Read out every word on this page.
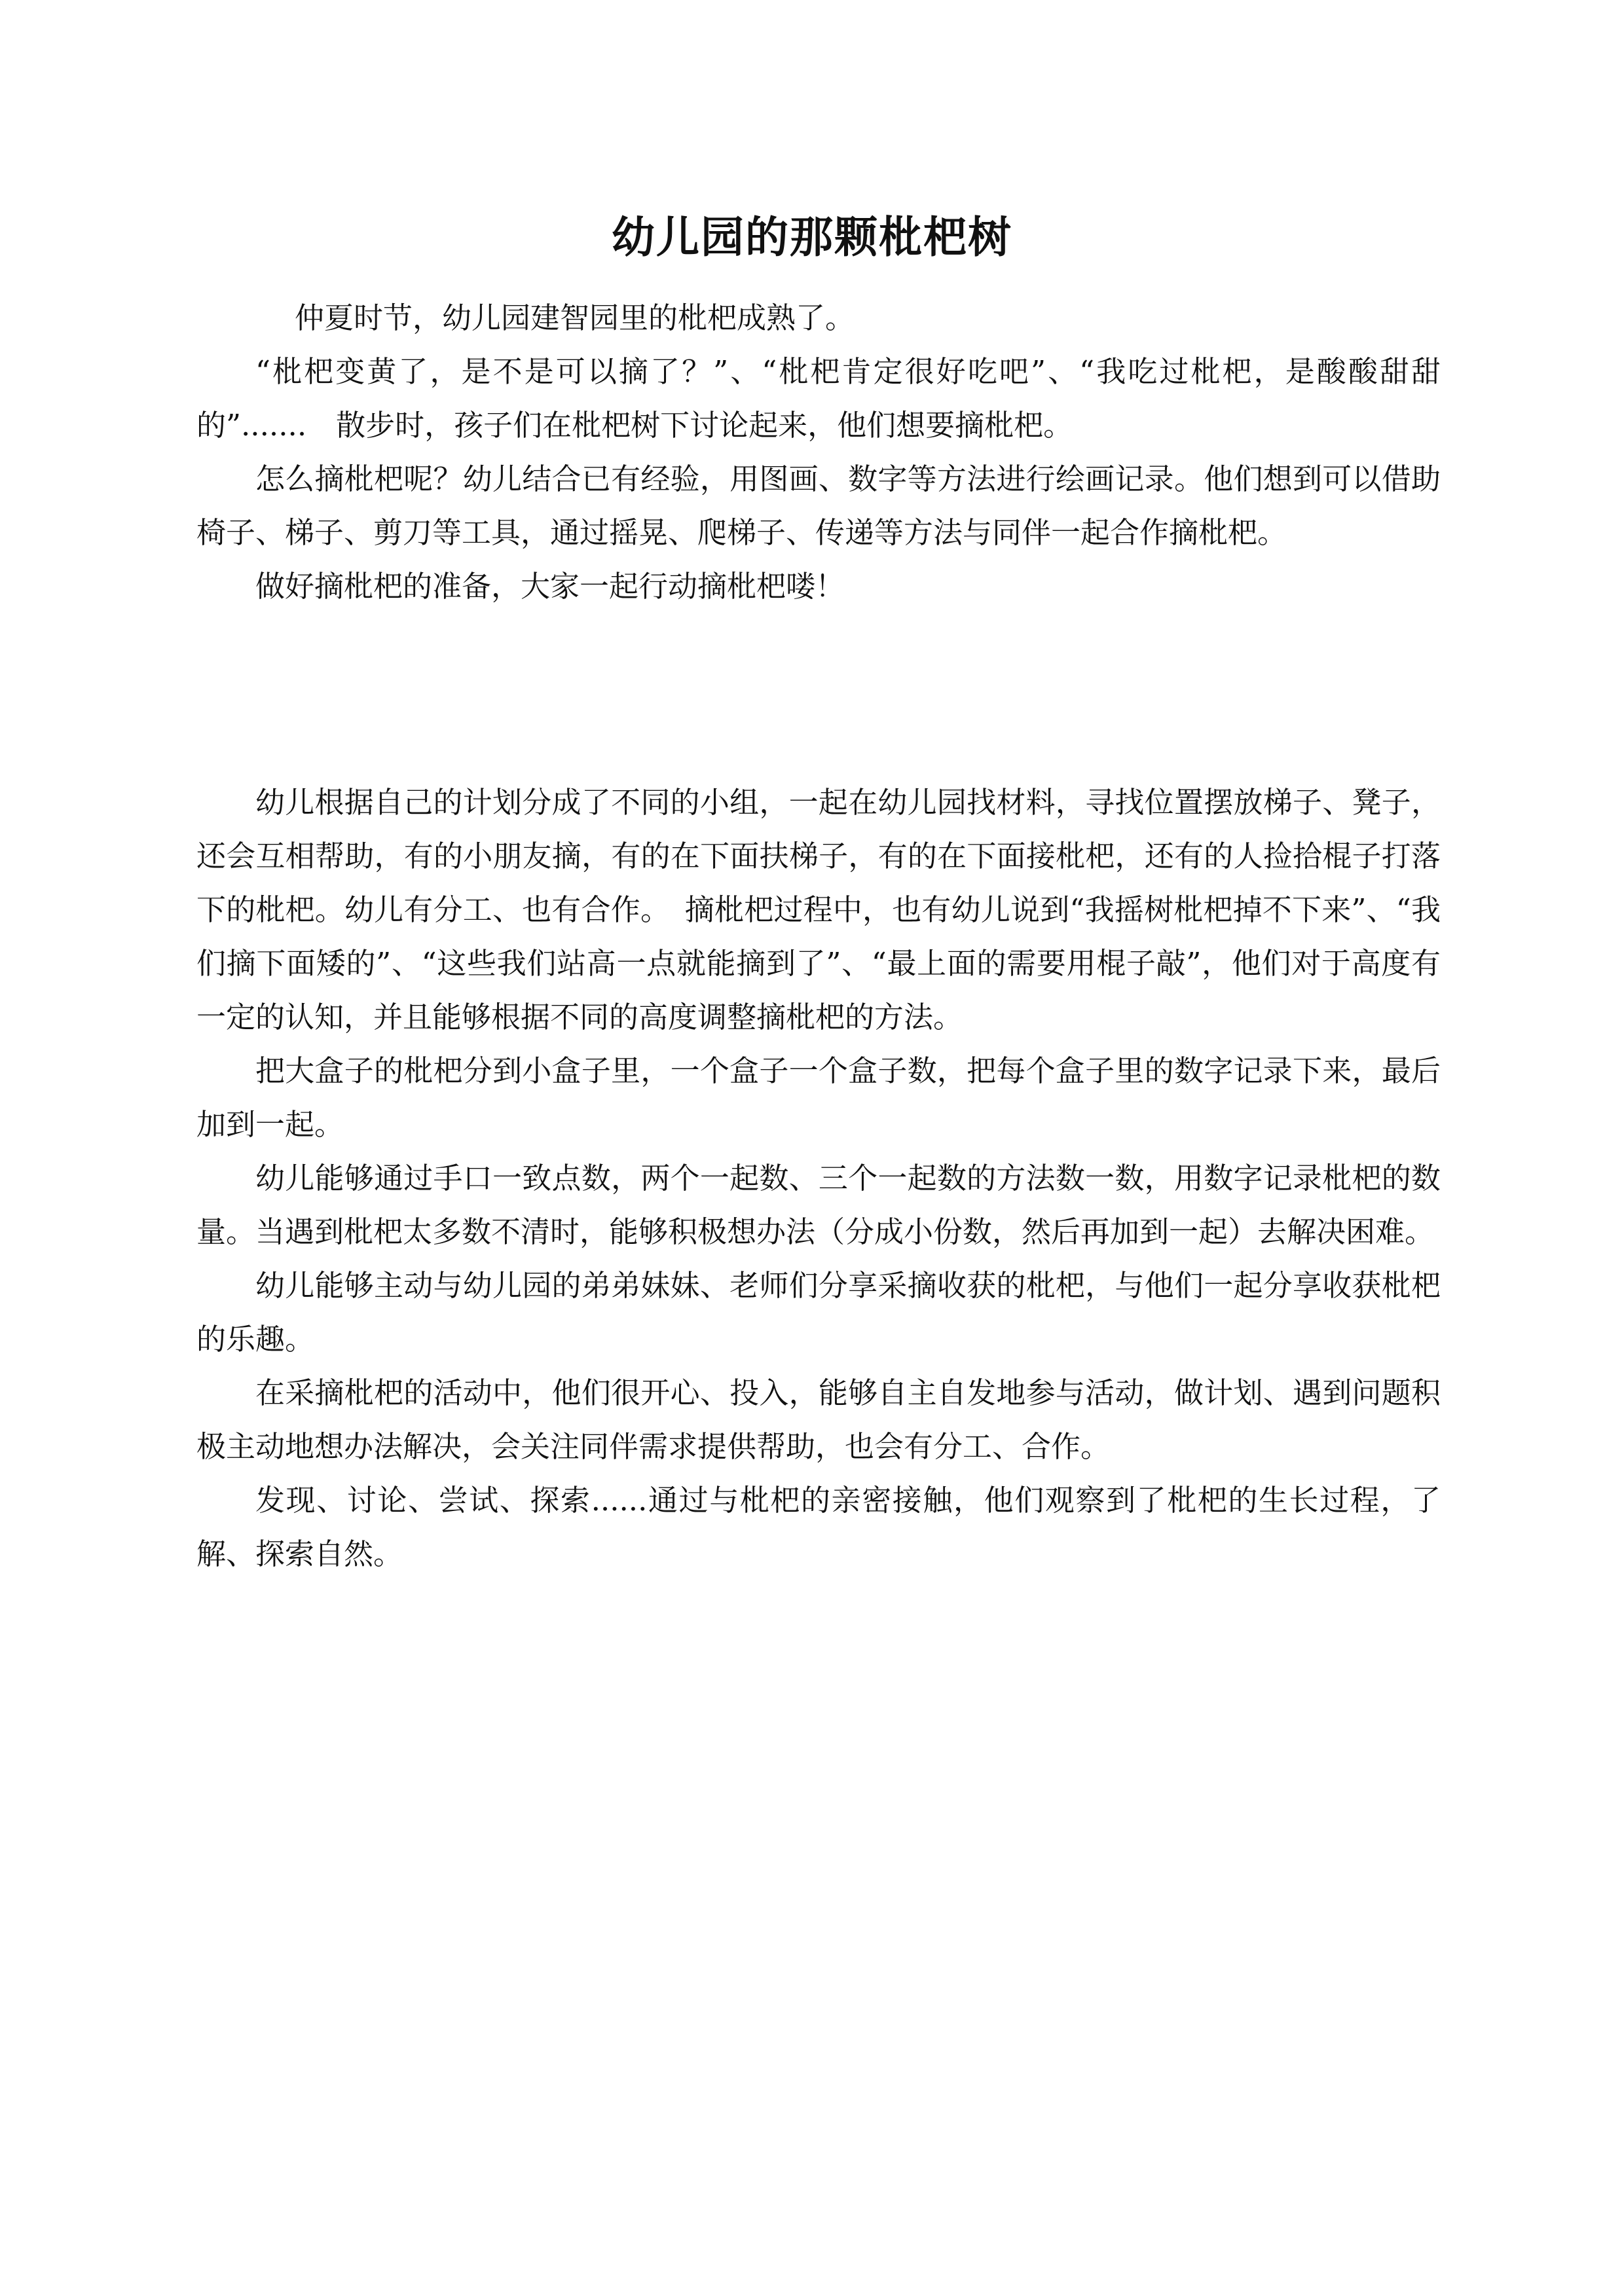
幼儿园的那颗枇杷树

仲夏时节，幼儿园建智园里的枇杷成熟了。

“枇杷变黄了，是不是可以摘了？”、“枇杷肯定很好吃吧”、“我吃过枇杷，是酸酸甜甜的”.......　散步时，孩子们在枇杷树下讨论起来，他们想要摘枇杷。

怎么摘枇杷呢？幼儿结合已有经验，用图画、数字等方法进行绘画记录。他们想到可以借助椅子、梯子、剪刀等工具，通过摇晃、爬梯子、传递等方法与同伴一起合作摘枇杷。

做好摘枇杷的准备，大家一起行动摘枇杷喽！

幼儿根据自己的计划分成了不同的小组，一起在幼儿园找材料，寻找位置摆放梯子、凳子，还会互相帮助，有的小朋友摘，有的在下面扶梯子，有的在下面接枇杷，还有的人捡拾棍子打落下的枇杷。幼儿有分工、也有合作。　摘枇杷过程中，也有幼儿说到“我摇树枇杷掉不下来”、“我们摘下面矮的”、“这些我们站高一点就能摘到了”、“最上面的需要用棍子敲”，他们对于高度有一定的认知，并且能够根据不同的高度调整摘枇杷的方法。

把大盒子的枇杷分到小盒子里，一个盒子一个盒子数，把每个盒子里的数字记录下来，最后加到一起。

幼儿能够通过手口一致点数，两个一起数、三个一起数的方法数一数，用数字记录枇杷的数量。当遇到枇杷太多数不清时，能够积极想办法（分成小份数，然后再加到一起）去解决困难。

幼儿能够主动与幼儿园的弟弟妹妹、老师们分享采摘收获的枇杷，与他们一起分享收获枇杷的乐趣。

在采摘枇杷的活动中，他们很开心、投入，能够自主自发地参与活动，做计划、遇到问题积极主动地想办法解决，会关注同伴需求提供帮助，也会有分工、合作。

发现、讨论、尝试、探索......通过与枇杷的亲密接触，他们观察到了枇杷的生长过程，了解、探索自然。
